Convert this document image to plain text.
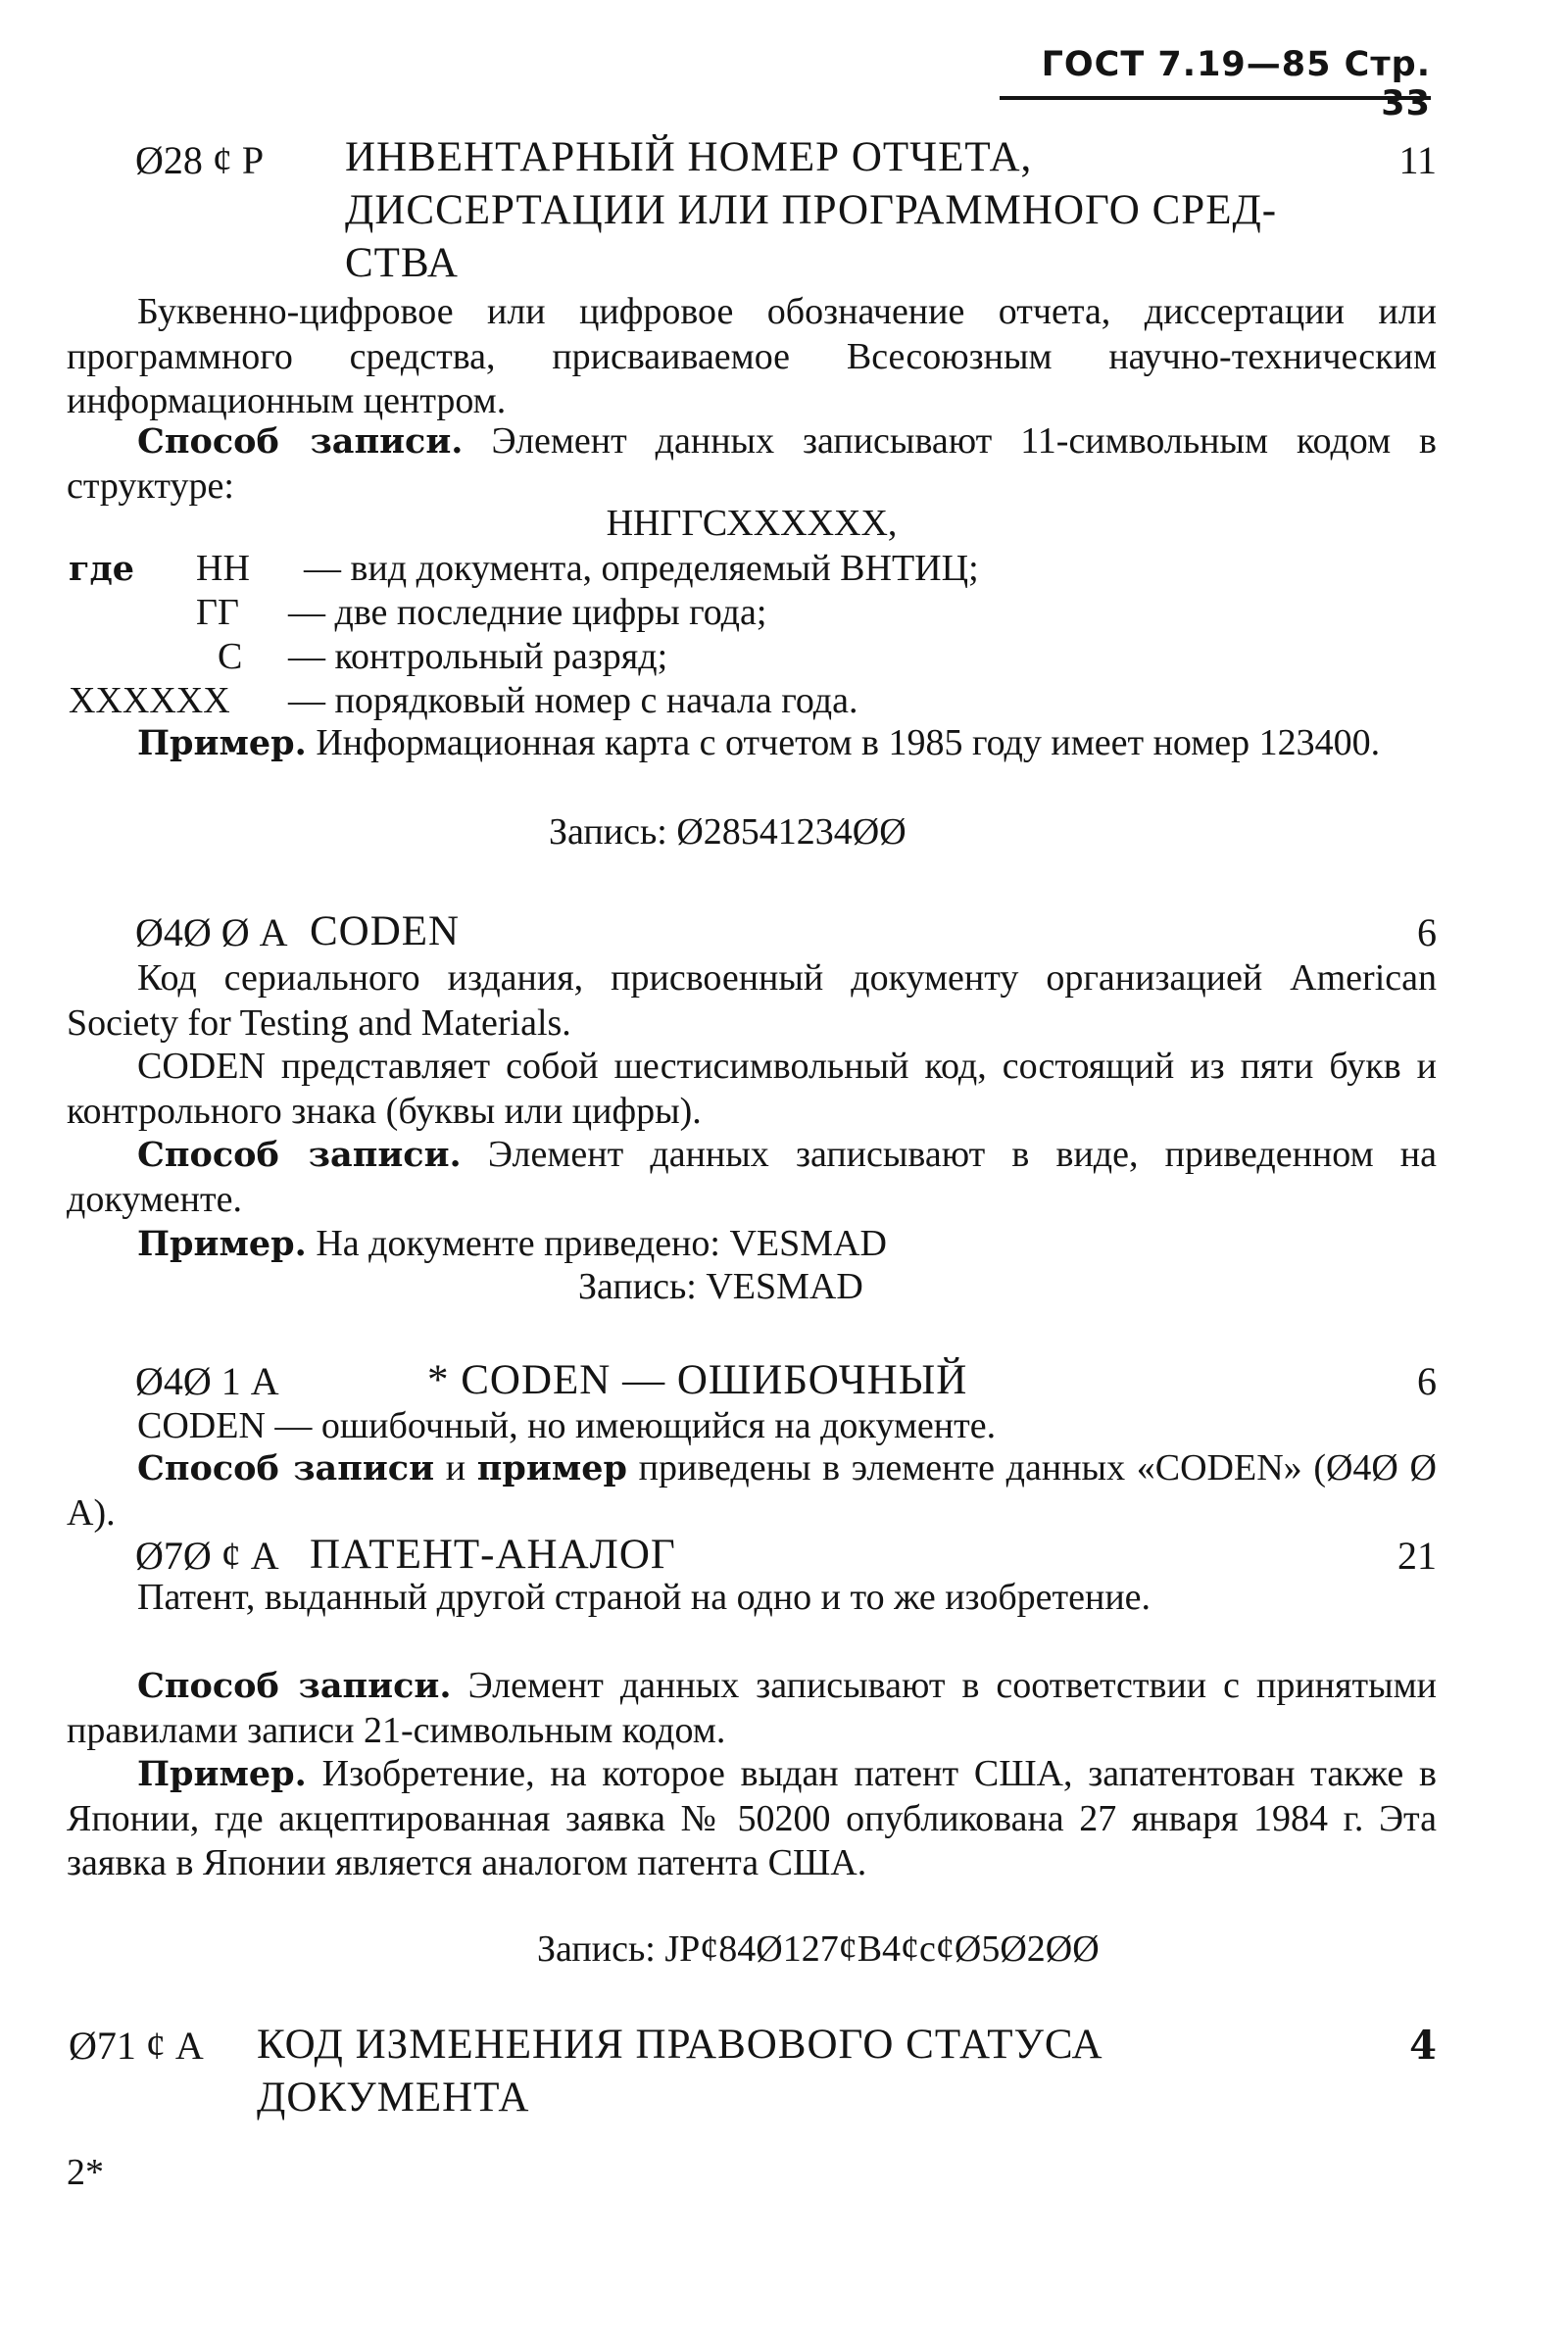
ГОСТ 7.19—85 Стр. 33
Ø28 ¢ Р ИНВЕНТАРНЫЙ НОМЕР ОТЧЕТА,	11
ДИССЕРТАЦИИ ИЛИ ПРОГРАММНОГО СРЕД-
СТВА
Буквенно-цифровое или цифровое обозначение отчета, диссертации или программного средства, присваиваемое Всесоюзным научно-техническим информационным центром.
Способ записи. Элемент данных записывают 11-символьным кодом в структуре:
НHГГСХХХХХХ,
где НН — вид документа, определяемый ВНТИЦ;
ГГ — две последние цифры года;
С — контрольный разряд;
XXXXXX — порядковый номер с начала года.
Пример. Информационная карта с отчетом в 1985 году имеет номер 123400.
Запись: Ø28541234ØØ
Ø4Ø Ø А CODEN	6
Код сериального издания, присвоенный документу организацией American Society for Testing and Materials.
CODEN представляет собой шестисимвольный код, состоящий из пяти букв и контрольного знака (буквы или цифры).
Способ записи. Элемент данных записывают в виде, приведенном на документе.
Пример. На документе приведено: VESMAD
Запись: VESMAD
Ø4Ø 1 А	* CODEN — ОШИБОЧНЫЙ	6
CODEN — ошибочный, но имеющийся на документе.
Способ записи и пример приведены в элементе данных «CODEN» (Ø4Ø Ø А).
Ø7Ø ¢ А ПАТЕНТ-АНАЛОГ	21
Патент, выданный другой страной на одно и то же изобретение.
Способ записи. Элемент данных записывают в соответствии с принятыми правилами записи 21-символьным кодом.
Пример. Изобретение, на которое выдан патент США, запатентован также в Японии, где акцептированная заявка № 50200 опубликована 27 января 1984 г. Эта заявка в Японии является аналогом патента США.
Запись: JP¢84Ø127¢B4¢c¢Ø5Ø2ØØ
Ø71 ¢ А КОД ИЗМЕНЕНИЯ ПРАВОВОГО СТАТУСА	4
ДОКУМЕНТА
2*
